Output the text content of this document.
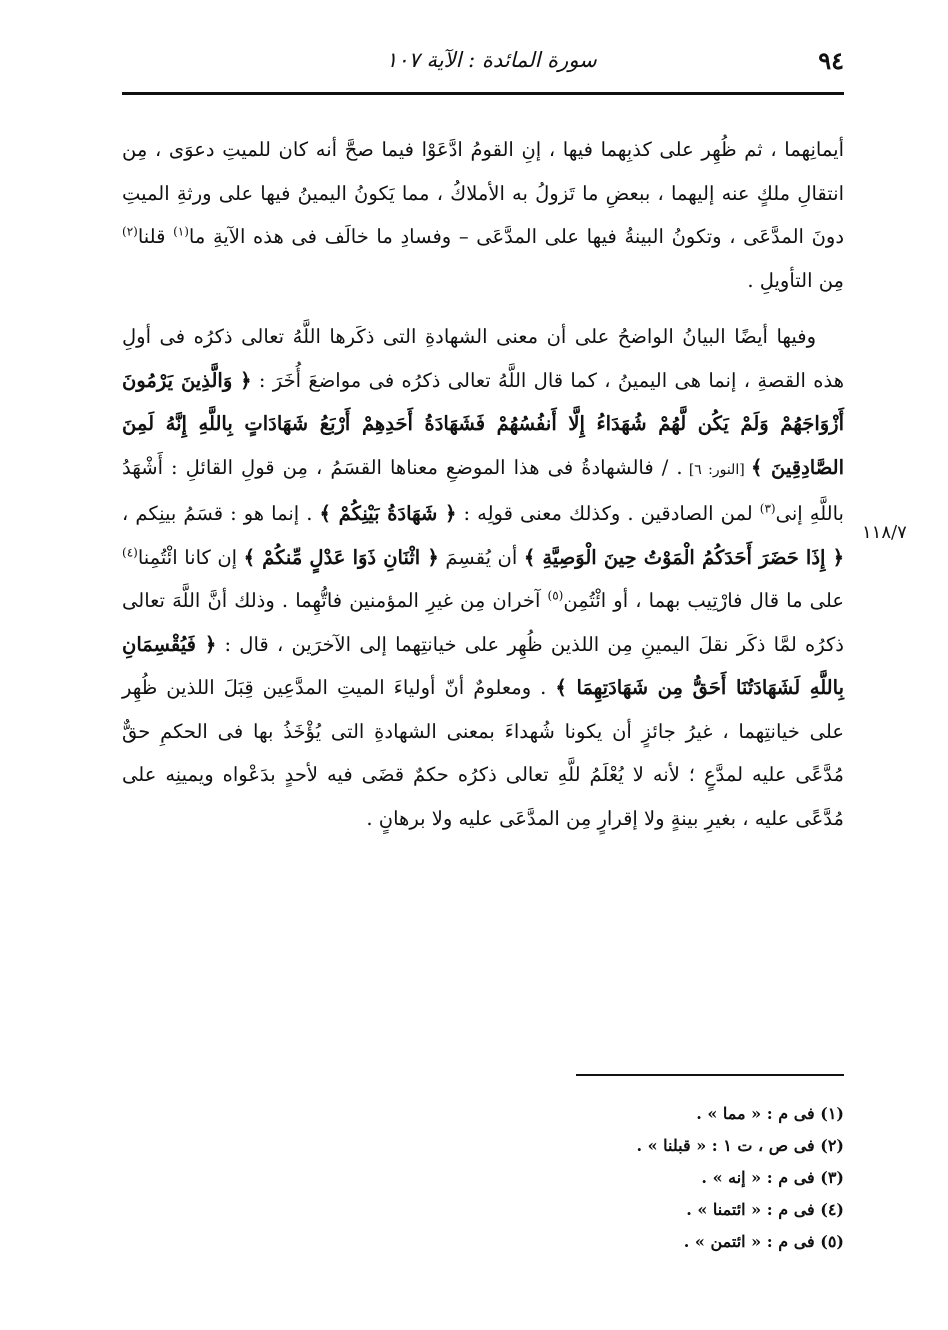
٩٤
سورة المائدة : الآية ١٠٧
١١٨/٧

أيمانِهما ، ثم ظُهِر على كذبِهما فيها ، إنِ القومُ ادَّعَوْا فيما صحَّ أنه كان للميتِ دعوَى ، مِن انتقالِ ملكٍ عنه إليهما ، ببعضِ ما تَزولُ به الأملاكُ ، مما يَكونُ اليمينُ فيها على ورثةِ الميتِ دونَ المدَّعَى ، وتكونُ البينةُ فيها على المدَّعَى – وفسادِ ما خالَف فى هذه الآيةِ ما$^{(١)}$ قلنا$^{(٢)}$ مِن التأويلِ .

وفيها أيضًا البيانُ الواضحُ على أن معنى الشهادةِ التى ذكَرها اللَّهُ تعالى ذكرُه فى أولِ هذه القصةِ ، إنما هى اليمينُ ، كما قال اللَّهُ تعالى ذكرُه فى مواضعَ أُخَرَ : ﴿ وَالَّذِينَ يَرْمُونَ أَزْوَاجَهُمْ وَلَمْ يَكُن لَّهُمْ شُهَدَاءُ إِلَّا أَنفُسُهُمْ فَشَهَادَةُ أَحَدِهِمْ أَرْبَعُ شَهَادَاتٍ بِاللَّهِ إِنَّهُ لَمِنَ الصَّادِقِينَ ﴾ [النور: ٦] . / فالشهادةُ فى هذا الموضعِ معناها القسَمُ ، مِن قولِ القائلِ : أَشْهَدُ باللَّهِ إنى$^{(٣)}$ لمن الصادقين . وكذلك معنى قولِه : ﴿ شَهَادَةُ بَيْنِكُمْ ﴾ . إنما هو : قسَمُ بينِكم ، ﴿ إِذَا حَضَرَ أَحَدَكُمُ الْمَوْتُ حِينَ الْوَصِيَّةِ ﴾ أن يُقسِمَ ﴿ اثْنَانِ ذَوَا عَدْلٍ مِّنكُمْ ﴾ إن كانا ائْتُمِنا$^{(٤)}$ على ما قال فارْتِيب بهما ، أو ائْتُمِن$^{(٥)}$ آخران مِن غيرِ المؤمنين فاتُّهِما . وذلك أنَّ اللَّهَ تعالى ذكرُه لمَّا ذكَر نقلَ اليمينِ مِن اللذين ظُهِر على خيانتِهما إلى الآخرَين ، قال : ﴿ فَيُقْسِمَانِ بِاللَّهِ لَشَهَادَتُنَا أَحَقُّ مِن شَهَادَتِهِمَا ﴾ . ومعلومٌ أنّ أولياءَ الميتِ المدَّعِين قِبَلَ اللذين ظُهِر على خيانتِهما ، غيرُ جائزٍ أن يكونا شُهداءَ بمعنى الشهادةِ التى يُؤْخَذُ بها فى الحكمِ حقٌّ مُدَّعًى عليه لمدَّعٍ ؛ لأنه لا يُعْلَمُ للَّهِ تعالى ذكرُه حكمٌ قضَى فيه لأحدٍ بدَعْواه ويمينِه على مُدَّعًى عليه ، بغيرِ بينةٍ ولا إقرارٍ مِن المدَّعَى عليه ولا برهانٍ .

(١) فى م : « مما » .
(٢) فى ص ، ت ١ : « قبلنا » .
(٣) فى م : « إنه » .
(٤) فى م : « ائتمنا » .
(٥) فى م : « ائتمن » .
